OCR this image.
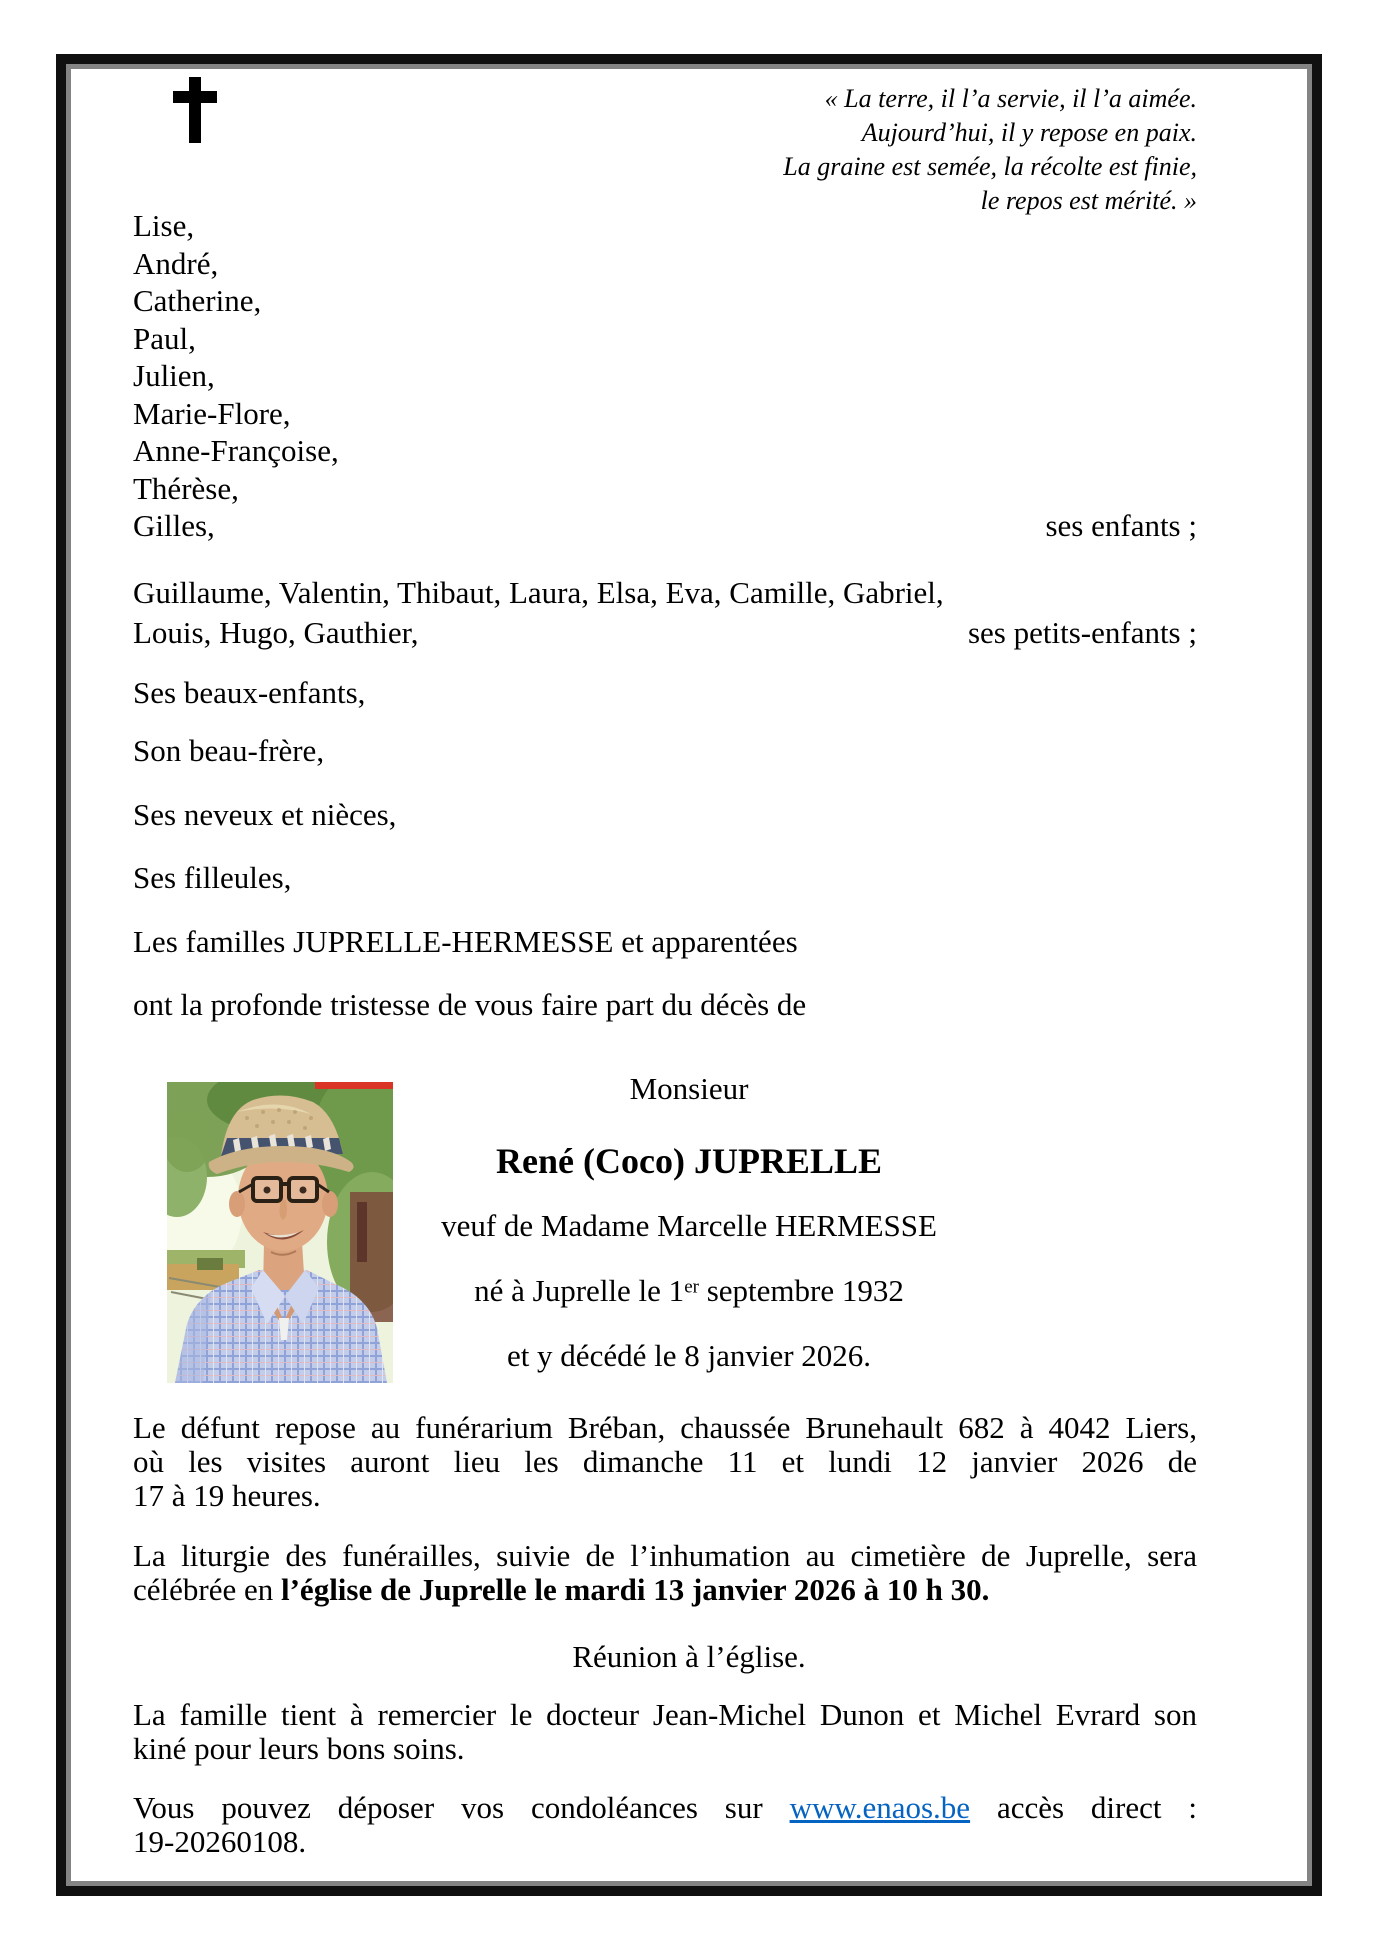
« La terre, il l’a servie, il l’a aimée.
Aujourd’hui, il y repose en paix.
La graine est semée, la récolte est finie,
le repos est mérité. »
Lise,
André,
Catherine,
Paul,
Julien,
Marie-Flore,
Anne-Françoise,
Thérèse,
Gilles,	ses enfants ;
Guillaume, Valentin, Thibaut, Laura, Elsa, Eva, Camille, Gabriel,
Louis, Hugo, Gauthier,	ses petits-enfants ;
Ses beaux-enfants,
Son beau-frère,
Ses neveux et nièces,
Ses filleules,
Les familles JUPRELLE-HERMESSE et apparentées
ont la profonde tristesse de vous faire part du décès de
Monsieur
René (Coco) JUPRELLE
veuf de Madame Marcelle HERMESSE
né à Juprelle le 1er septembre 1932
et y décédé le 8 janvier 2026.
Le défunt repose au funérarium Bréban, chaussée Brunehault 682 à 4042 Liers,
où les visites auront lieu les dimanche 11 et lundi 12 janvier 2026 de
17 à 19 heures.
La liturgie des funérailles, suivie de l’inhumation au cimetière de Juprelle, sera
célébrée en l’église de Juprelle le mardi 13 janvier 2026 à 10 h 30.
Réunion à l’église.
La famille tient à remercier le docteur Jean-Michel Dunon et Michel Evrard son
kiné pour leurs bons soins.
Vous pouvez déposer vos condoléances sur www.enaos.be accès direct :
19-20260108.
